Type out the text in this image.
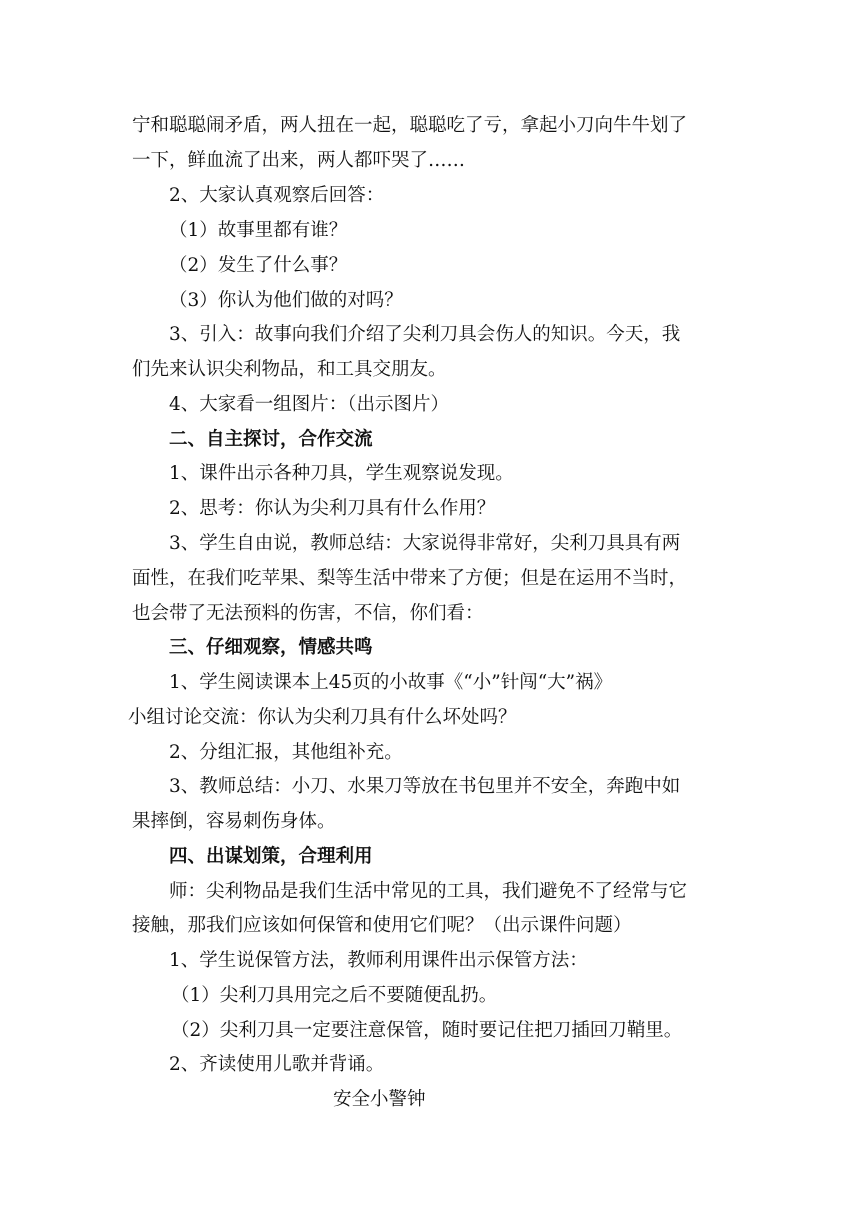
宁和聪聪闹矛盾，两人扭在一起，聪聪吃了亏，拿起小刀向牛牛划了
一下，鲜血流了出来，两人都吓哭了……
2、大家认真观察后回答：
（1）故事里都有谁？
（2）发生了什么事？
（3）你认为他们做的对吗？
3、引入：故事向我们介绍了尖利刀具会伤人的知识。今天，我
们先来认识尖利物品，和工具交朋友。
4、大家看一组图片：（出示图片）
二、自主探讨，合作交流
1、课件出示各种刀具，学生观察说发现。
2、思考：你认为尖利刀具有什么作用？
3、学生自由说，教师总结：大家说得非常好，尖利刀具具有两
面性，在我们吃苹果、梨等生活中带来了方便；但是在运用不当时，
也会带了无法预料的伤害，不信，你们看：
三、仔细观察，情感共鸣
1、学生阅读课本上45页的小故事《“小”针闯“大”祸》
小组讨论交流：你认为尖利刀具有什么坏处吗？
2、分组汇报，其他组补充。
3、教师总结：小刀、水果刀等放在书包里并不安全，奔跑中如
果摔倒，容易刺伤身体。
四、出谋划策，合理利用
师：尖利物品是我们生活中常见的工具，我们避免不了经常与它
接触，那我们应该如何保管和使用它们呢？（出示课件问题）
1、学生说保管方法，教师利用课件出示保管方法：
（1）尖利刀具用完之后不要随便乱扔。
（2）尖利刀具一定要注意保管，随时要记住把刀插回刀鞘里。
2、齐读使用儿歌并背诵。
安全小警钟
